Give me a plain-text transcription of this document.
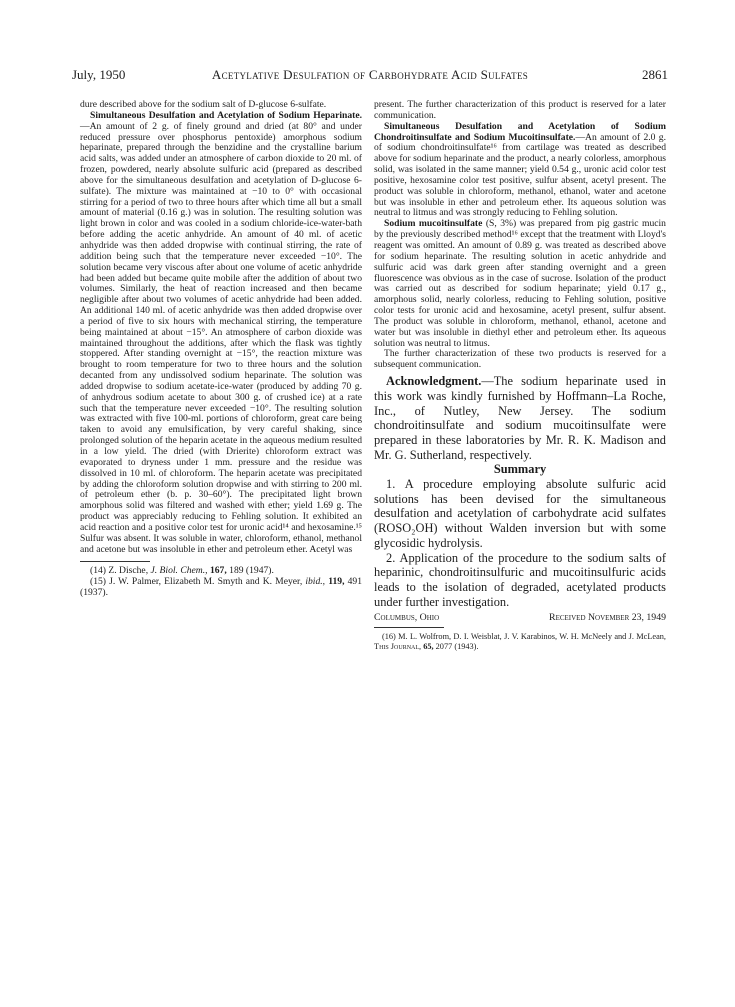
July, 1950	Acetylative Desulfation of Carbohydrate Acid Sulfates	2861

dure described above for the sodium salt of D-glucose 6-sulfate.

Simultaneous Desulfation and Acetylation of Sodium Heparinate.—An amount of 2 g. of finely ground and dried (at 80° and under reduced pressure over phosphorus pentoxide) amorphous sodium heparinate, prepared through the benzidine and the crystalline barium acid salts, was added under an atmosphere of carbon dioxide to 20 ml. of frozen, powdered, nearly absolute sulfuric acid (prepared as described above for the simultaneous desulfation and acetylation of D-glucose 6-sulfate). The mixture was maintained at −10 to 0° with occasional stirring for a period of two to three hours after which time all but a small amount of material (0.16 g.) was in solution. The resulting solution was light brown in color and was cooled in a sodium chloride-ice-water-bath before adding the acetic anhydride. An amount of 40 ml. of acetic anhydride was then added dropwise with continual stirring, the rate of addition being such that the temperature never exceeded −10°. The solution became very viscous after about one volume of acetic anhydride had been added but became quite mobile after the addition of about two volumes. Similarly, the heat of reaction increased and then became negligible after about two volumes of acetic anhydride had been added. An additional 140 ml. of acetic anhydride was then added dropwise over a period of five to six hours with mechanical stirring, the temperature being maintained at about −15°. An atmosphere of carbon dioxide was maintained throughout the additions, after which the flask was tightly stoppered. After standing overnight at −15°, the reaction mixture was brought to room temperature for two to three hours and the solution decanted from any undissolved sodium heparinate. The solution was added dropwise to sodium acetate-ice-water (produced by adding 70 g. of anhydrous sodium acetate to about 300 g. of crushed ice) at a rate such that the temperature never exceeded −10°. The resulting solution was extracted with five 100-ml. portions of chloroform, great care being taken to avoid any emulsification, by very careful shaking, since prolonged solution of the heparin acetate in the aqueous medium resulted in a low yield. The dried (with Drierite) chloroform extract was evaporated to dryness under 1 mm. pressure and the residue was dissolved in 10 ml. of chloroform. The heparin acetate was precipitated by adding the chloroform solution dropwise and with stirring to 200 ml. of petroleum ether (b. p. 30–60°). The precipitated light brown amorphous solid was filtered and washed with ether; yield 1.69 g. The product was appreciably reducing to Fehling solution. It exhibited an acid reaction and a positive color test for uronic acid¹⁴ and hexosamine.¹⁵ Sulfur was absent. It was soluble in water, chloroform, ethanol, methanol and acetone but was insoluble in ether and petroleum ether. Acetyl was

(14) Z. Dische, J. Biol. Chem., 167, 189 (1947).

(15) J. W. Palmer, Elizabeth M. Smyth and K. Meyer, ibid., 119, 491 (1937).

present. The further characterization of this product is reserved for a later communication.

Simultaneous Desulfation and Acetylation of Sodium Chondroitinsulfate and Sodium Mucoitinsulfate.—An amount of 2.0 g. of sodium chondroitinsulfate¹⁶ from cartilage was treated as described above for sodium heparinate and the product, a nearly colorless, amorphous solid, was isolated in the same manner; yield 0.54 g., uronic acid color test positive, hexosamine color test positive, sulfur absent, acetyl present. The product was soluble in chloroform, methanol, ethanol, water and acetone but was insoluble in ether and petroleum ether. Its aqueous solution was neutral to litmus and was strongly reducing to Fehling solution.

Sodium mucoitinsulfate (S, 3%) was prepared from pig gastric mucin by the previously described method¹⁶ except that the treatment with Lloyd's reagent was omitted. An amount of 0.89 g. was treated as described above for sodium heparinate. The resulting solution in acetic anhydride and sulfuric acid was dark green after standing overnight and a green fluorescence was obvious as in the case of sucrose. Isolation of the product was carried out as described for sodium heparinate; yield 0.17 g., amorphous solid, nearly colorless, reducing to Fehling solution, positive color tests for uronic acid and hexosamine, acetyl present, sulfur absent. The product was soluble in chloroform, methanol, ethanol, acetone and water but was insoluble in diethyl ether and petroleum ether. Its aqueous solution was neutral to litmus.

The further characterization of these two products is reserved for a subsequent communication.

Acknowledgment.—The sodium heparinate used in this work was kindly furnished by Hoffmann–La Roche, Inc., of Nutley, New Jersey. The sodium chondroitinsulfate and sodium mucoitinsulfate were prepared in these laboratories by Mr. R. K. Madison and Mr. G. Sutherland, respectively.

Summary

1. A procedure employing absolute sulfuric acid solutions has been devised for the simultaneous desulfation and acetylation of carbohydrate acid sulfates (ROSO₂OH) without Walden inversion but with some glycosidic hydrolysis.

2. Application of the procedure to the sodium salts of heparinic, chondroitinsulfuric and mucoitinsulfuric acids leads to the isolation of degraded, acetylated products under further investigation.

Columbus, Ohio	Received November 23, 1949

(16) M. L. Wolfrom, D. I. Weisblat, J. V. Karabinos, W. H. McNeely and J. McLean, This Journal, 65, 2077 (1943).
